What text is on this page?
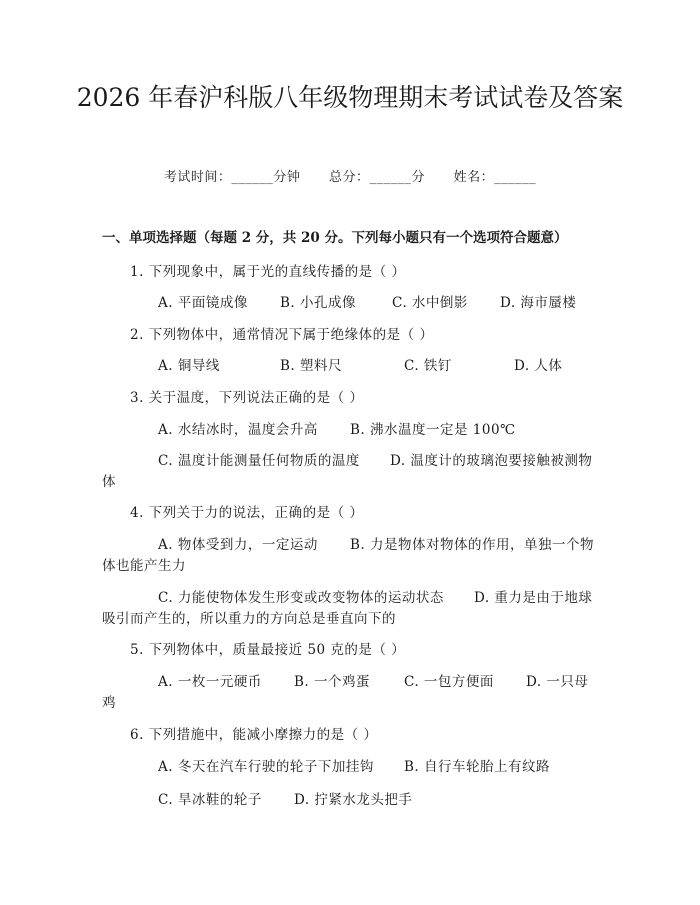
2026 年春沪科版八年级物理期末考试试卷及答案
考试时间：______分钟 总分：______分 姓名：______
一、单项选择题（每题 2 分，共 20 分。下列每小题只有一个选项符合题意）
1. 下列现象中，属于光的直线传播的是（ ）
A. 平面镜成像 B. 小孔成像	C. 水中倒影 D. 海市蜃楼
2. 下列物体中，通常情况下属于绝缘体的是（ ）
A. 铜导线	B. 塑料尺	C. 铁钉	D. 人体
3. 关于温度，下列说法正确的是（ ）
A. 水结冰时，温度会升高 B. 沸水温度一定是 100℃
C. 温度计能测量任何物质的温度 D. 温度计的玻璃泡要接触被测物
体
4. 下列关于力的说法，正确的是（ ）
A. 物体受到力，一定运动 B. 力是物体对物体的作用，单独一个物
体也能产生力
C. 力能使物体发生形变或改变物体的运动状态 D. 重力是由于地球
吸引而产生的，所以重力的方向总是垂直向下的
5. 下列物体中，质量最接近 50 克的是（ ）
A. 一枚一元硬币 B. 一个鸡蛋	C. 一包方便面 D. 一只母
鸡
6. 下列措施中，能减小摩擦力的是（ ）
A. 冬天在汽车行驶的轮子下加挂钩 B. 自行车轮胎上有纹路
C. 旱冰鞋的轮子 D. 拧紧水龙头把手
